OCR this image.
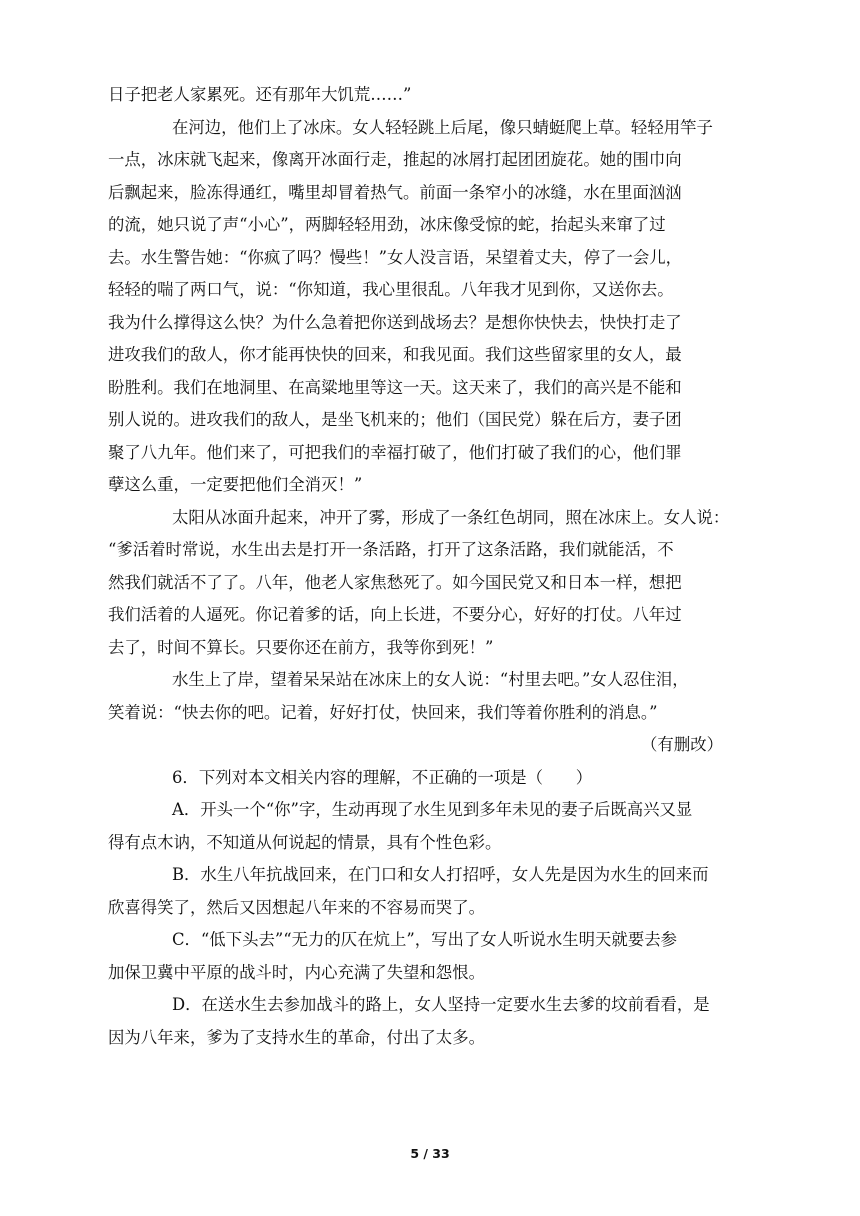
日子把老人家累死。还有那年大饥荒……”
在河边，他们上了冰床。女人轻轻跳上后尾，像只蜻蜓爬上草。轻轻用竿子
一点，冰床就飞起来，像离开冰面行走，推起的冰屑打起团团旋花。她的围巾向
后飘起来，脸冻得通红，嘴里却冒着热气。前面一条窄小的冰缝，水在里面汹汹
的流，她只说了声“小心”，两脚轻轻用劲，冰床像受惊的蛇，抬起头来窜了过
去。水生警告她：“你疯了吗？慢些！”女人没言语，呆望着丈夫，停了一会儿，
轻轻的喘了两口气，说：“你知道，我心里很乱。八年我才见到你，又送你去。
我为什么撑得这么快？为什么急着把你送到战场去？是想你快快去，快快打走了
进攻我们的敌人，你才能再快快的回来，和我见面。我们这些留家里的女人，最
盼胜利。我们在地洞里、在高粱地里等这一天。这天来了，我们的高兴是不能和
别人说的。进攻我们的敌人，是坐飞机来的；他们（国民党）躲在后方，妻子团
聚了八九年。他们来了，可把我们的幸福打破了，他们打破了我们的心，他们罪
孽这么重，一定要把他们全消灭！”
太阳从冰面升起来，冲开了雾，形成了一条红色胡同，照在冰床上。女人说：
“爹活着时常说，水生出去是打开一条活路，打开了这条活路，我们就能活，不
然我们就活不了了。八年，他老人家焦愁死了。如今国民党又和日本一样，想把
我们活着的人逼死。你记着爹的话，向上长进，不要分心，好好的打仗。八年过
去了，时间不算长。只要你还在前方，我等你到死！”
水生上了岸，望着呆呆站在冰床上的女人说：“村里去吧。”女人忍住泪，
笑着说：“快去你的吧。记着，好好打仗，快回来，我们等着你胜利的消息。”
（有删改）
6．下列对本文相关内容的理解，不正确的一项是（　　）
A．开头一个“你”字，生动再现了水生见到多年未见的妻子后既高兴又显
得有点木讷，不知道从何说起的情景，具有个性色彩。
B．水生八年抗战回来，在门口和女人打招呼，女人先是因为水生的回来而
欣喜得笑了，然后又因想起八年来的不容易而哭了。
C．“低下头去”“无力的仄在炕上”，写出了女人听说水生明天就要去参
加保卫冀中平原的战斗时，内心充满了失望和怨恨。
D．在送水生去参加战斗的路上，女人坚持一定要水生去爹的坟前看看，是
因为八年来，爹为了支持水生的革命，付出了太多。
5 / 33
